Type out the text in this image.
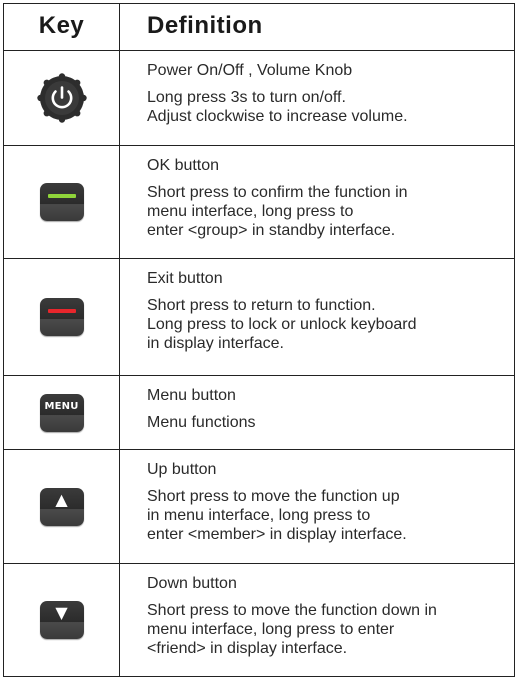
Key	Definition
Power On/Off , Volume Knob
Long press 3s to turn on/off.
Adjust clockwise to increase volume.
OK button
Short press to confirm the function in
menu interface, long press to
enter <group> in standby interface.
Exit button
Short press to return to function.
Long press to lock or unlock keyboard
in display interface.
MENU
Menu button
Menu functions
▲
Up button
Short press to move the function up
in menu interface, long press to
enter <member> in display interface.
▼
Down button
Short press to move the function down in
menu interface, long press to enter
<friend> in display interface.
